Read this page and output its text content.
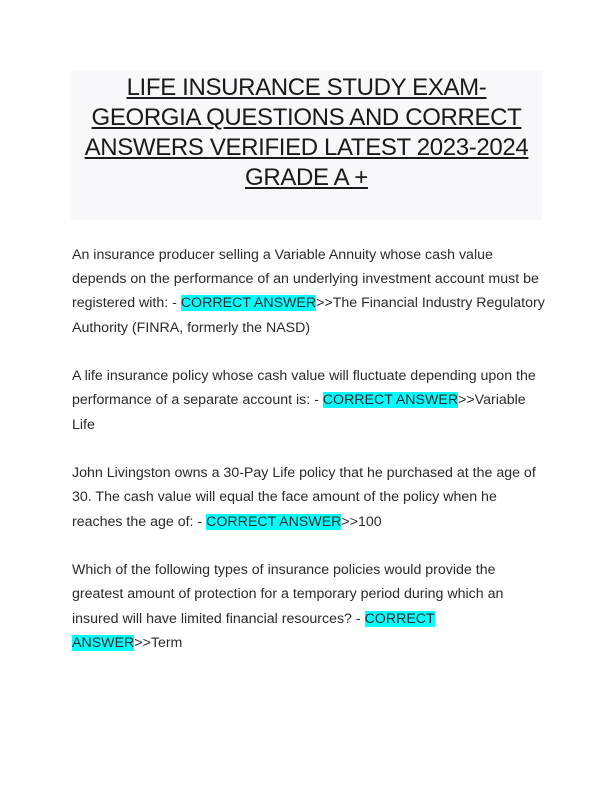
LIFE INSURANCE STUDY EXAM-
GEORGIA QUESTIONS AND CORRECT
ANSWERS VERIFIED LATEST 2023-2024
GRADE A +
An insurance producer selling a Variable Annuity whose cash value
depends on the performance of an underlying investment account must be
registered with: - CORRECT ANSWER>>The Financial Industry Regulatory
Authority (FINRA, formerly the NASD)
A life insurance policy whose cash value will fluctuate depending upon the
performance of a separate account is: - CORRECT ANSWER>>Variable
Life
John Livingston owns a 30-Pay Life policy that he purchased at the age of
30. The cash value will equal the face amount of the policy when he
reaches the age of: - CORRECT ANSWER>>100
Which of the following types of insurance policies would provide the
greatest amount of protection for a temporary period during which an
insured will have limited financial resources? - CORRECT
ANSWER>>Term
